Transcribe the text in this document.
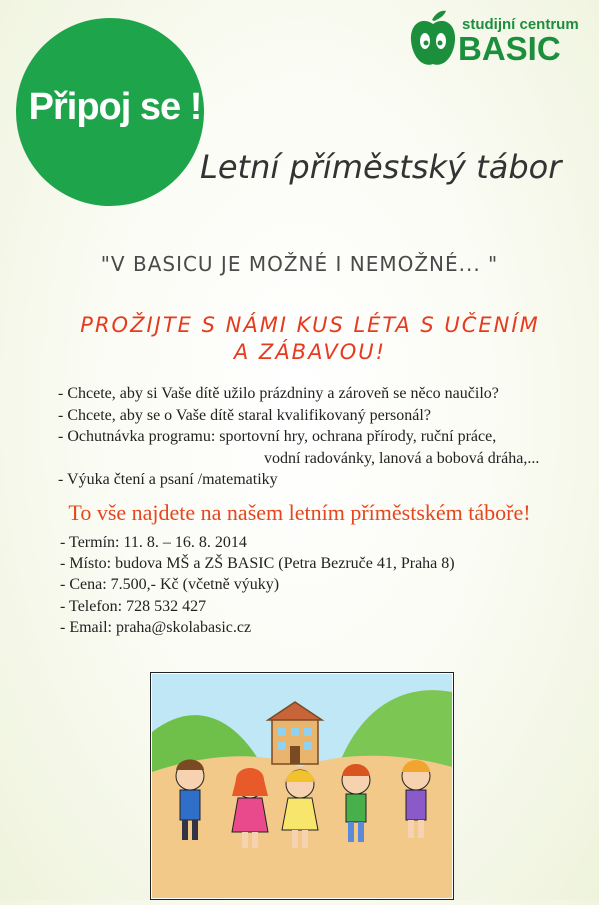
Připoj se !
studijní centrum
BASIC
Letní příměstský tábor
"V BASICU JE MOŽNÉ I NEMOŽNÉ... "
PROŽIJTE S NÁMI KUS LÉTA S UČENÍM
A ZÁBAVOU!
- Chcete, aby si Vaše dítě užilo prázdniny a zároveň se něco naučilo?
- Chcete, aby se o Vaše dítě staral kvalifikovaný personál?
- Ochutnávka programu: sportovní hry, ochrana přírody, ruční práce,
vodní radovánky, lanová a bobová dráha,...
- Výuka čtení a psaní /matematiky
To vše najdete na našem letním příměstském táboře!
- Termín: 11. 8. – 16. 8. 2014
- Místo: budova MŠ a ZŠ BASIC (Petra Bezruče 41, Praha 8)
- Cena: 7.500,- Kč (včetně výuky)
- Telefon: 728 532 427
- Email: praha@skolabasic.cz
